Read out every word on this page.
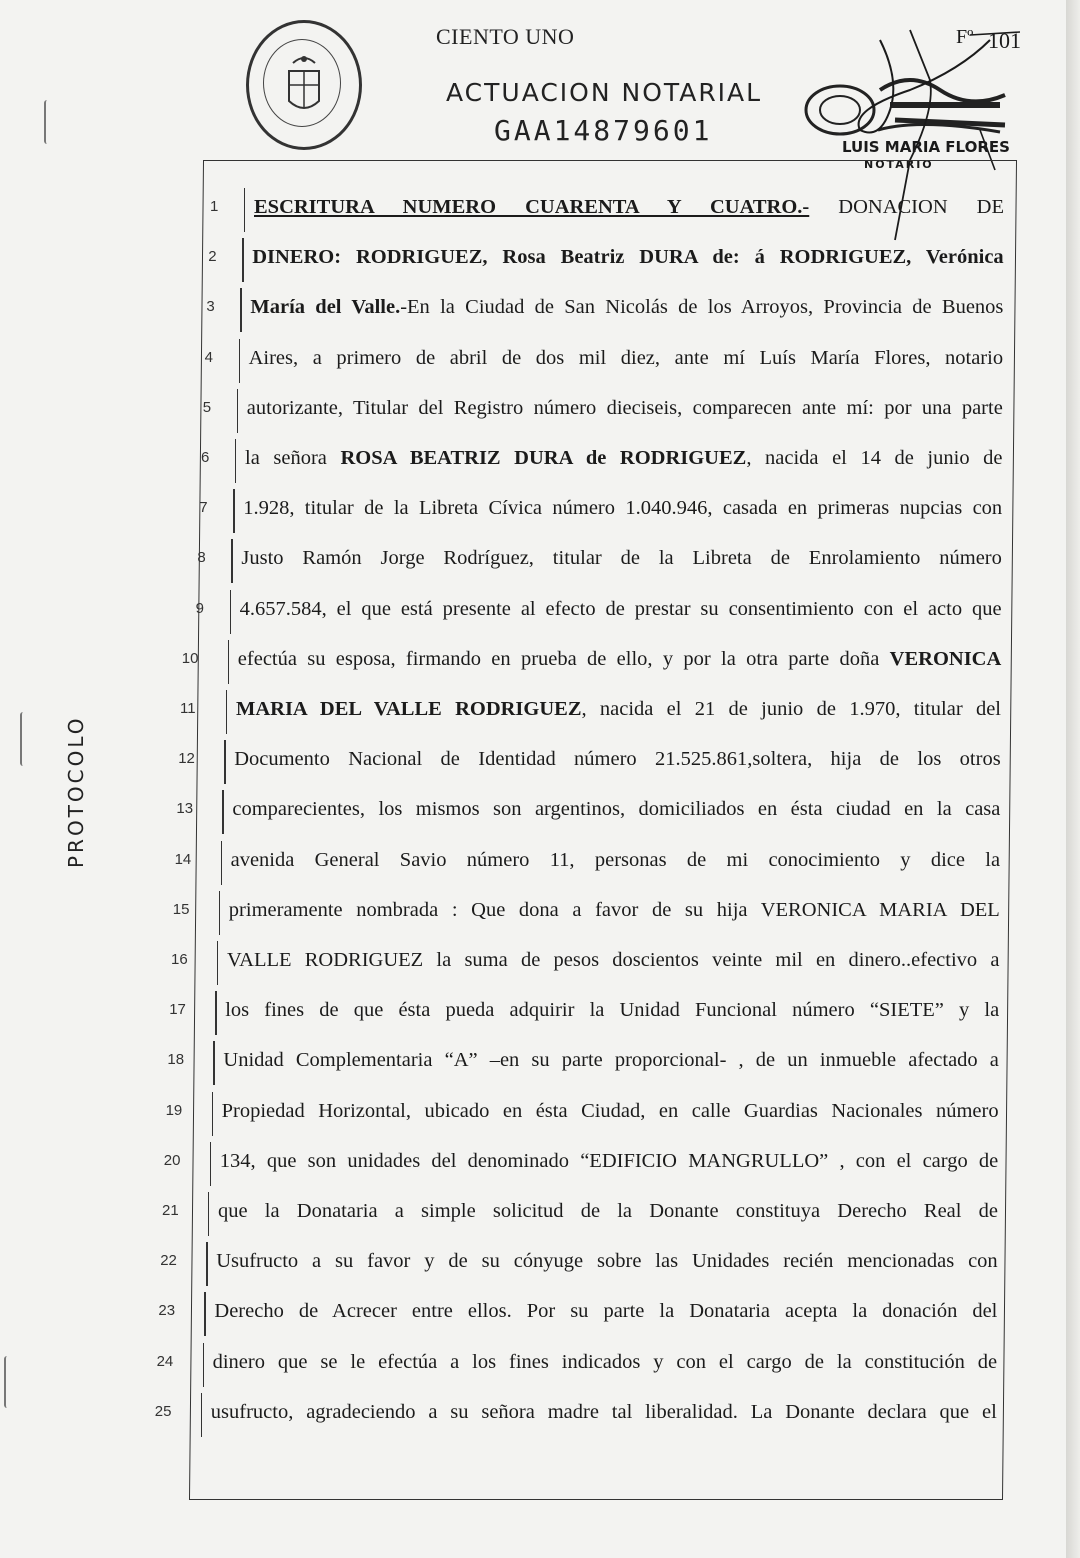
CIENTO UNO
ACTUACION NOTARIAL
GAA14879601
Fº 101
LUIS MARIA FLORES
NOTARIO
PROTOCOLO
1 ESCRITURA NUMERO CUARENTA Y CUATRO.- DONACION DE
2 DINERO: RODRIGUEZ, Rosa Beatriz DURA de: á RODRIGUEZ, Verónica
3 María del Valle.-En la Ciudad de San Nicolás de los Arroyos, Provincia de Buenos
4 Aires, a primero de abril de dos mil diez, ante mí Luís María Flores, notario
5 autorizante, Titular del Registro número dieciseis, comparecen ante mí: por una parte
6 la señora ROSA BEATRIZ DURA de RODRIGUEZ, nacida el 14 de junio de
7 1.928, titular de la Libreta Cívica número 1.040.946, casada en primeras nupcias con
8 Justo Ramón Jorge Rodríguez, titular de la Libreta de Enrolamiento número
9 4.657.584, el que está presente al efecto de prestar su consentimiento con el acto que
10 efectúa su esposa, firmando en prueba de ello, y por la otra parte doña VERONICA
11 MARIA DEL VALLE RODRIGUEZ, nacida el 21 de junio de 1.970, titular del
12 Documento Nacional de Identidad número 21.525.861,soltera, hija de los otros
13 comparecientes, los mismos son argentinos, domiciliados en ésta ciudad en la casa
14 avenida General Savio número 11, personas de mi conocimiento y dice la
15 primeramente nombrada : Que dona a favor de su hija VERONICA MARIA DEL
16 VALLE RODRIGUEZ la suma de pesos doscientos veinte mil en dinero..efectivo a
17 los fines de que ésta pueda adquirir la Unidad Funcional número “SIETE” y la
18 Unidad Complementaria “A” –en su parte proporcional- , de un inmueble afectado a
19 Propiedad Horizontal, ubicado en ésta Ciudad, en calle Guardias Nacionales número
20 134, que son unidades del denominado “EDIFICIO MANGRULLO” , con el cargo de
21 que la Donataria a simple solicitud de la Donante constituya Derecho Real de
22 Usufructo a su favor y de su cónyuge sobre las Unidades recién mencionadas con
23 Derecho de Acrecer entre ellos. Por su parte la Donataria acepta la donación del
24 dinero que se le efectúa a los fines indicados y con el cargo de la constitución de
25 usufructo, agradeciendo a su señora madre tal liberalidad. La Donante declara que el
